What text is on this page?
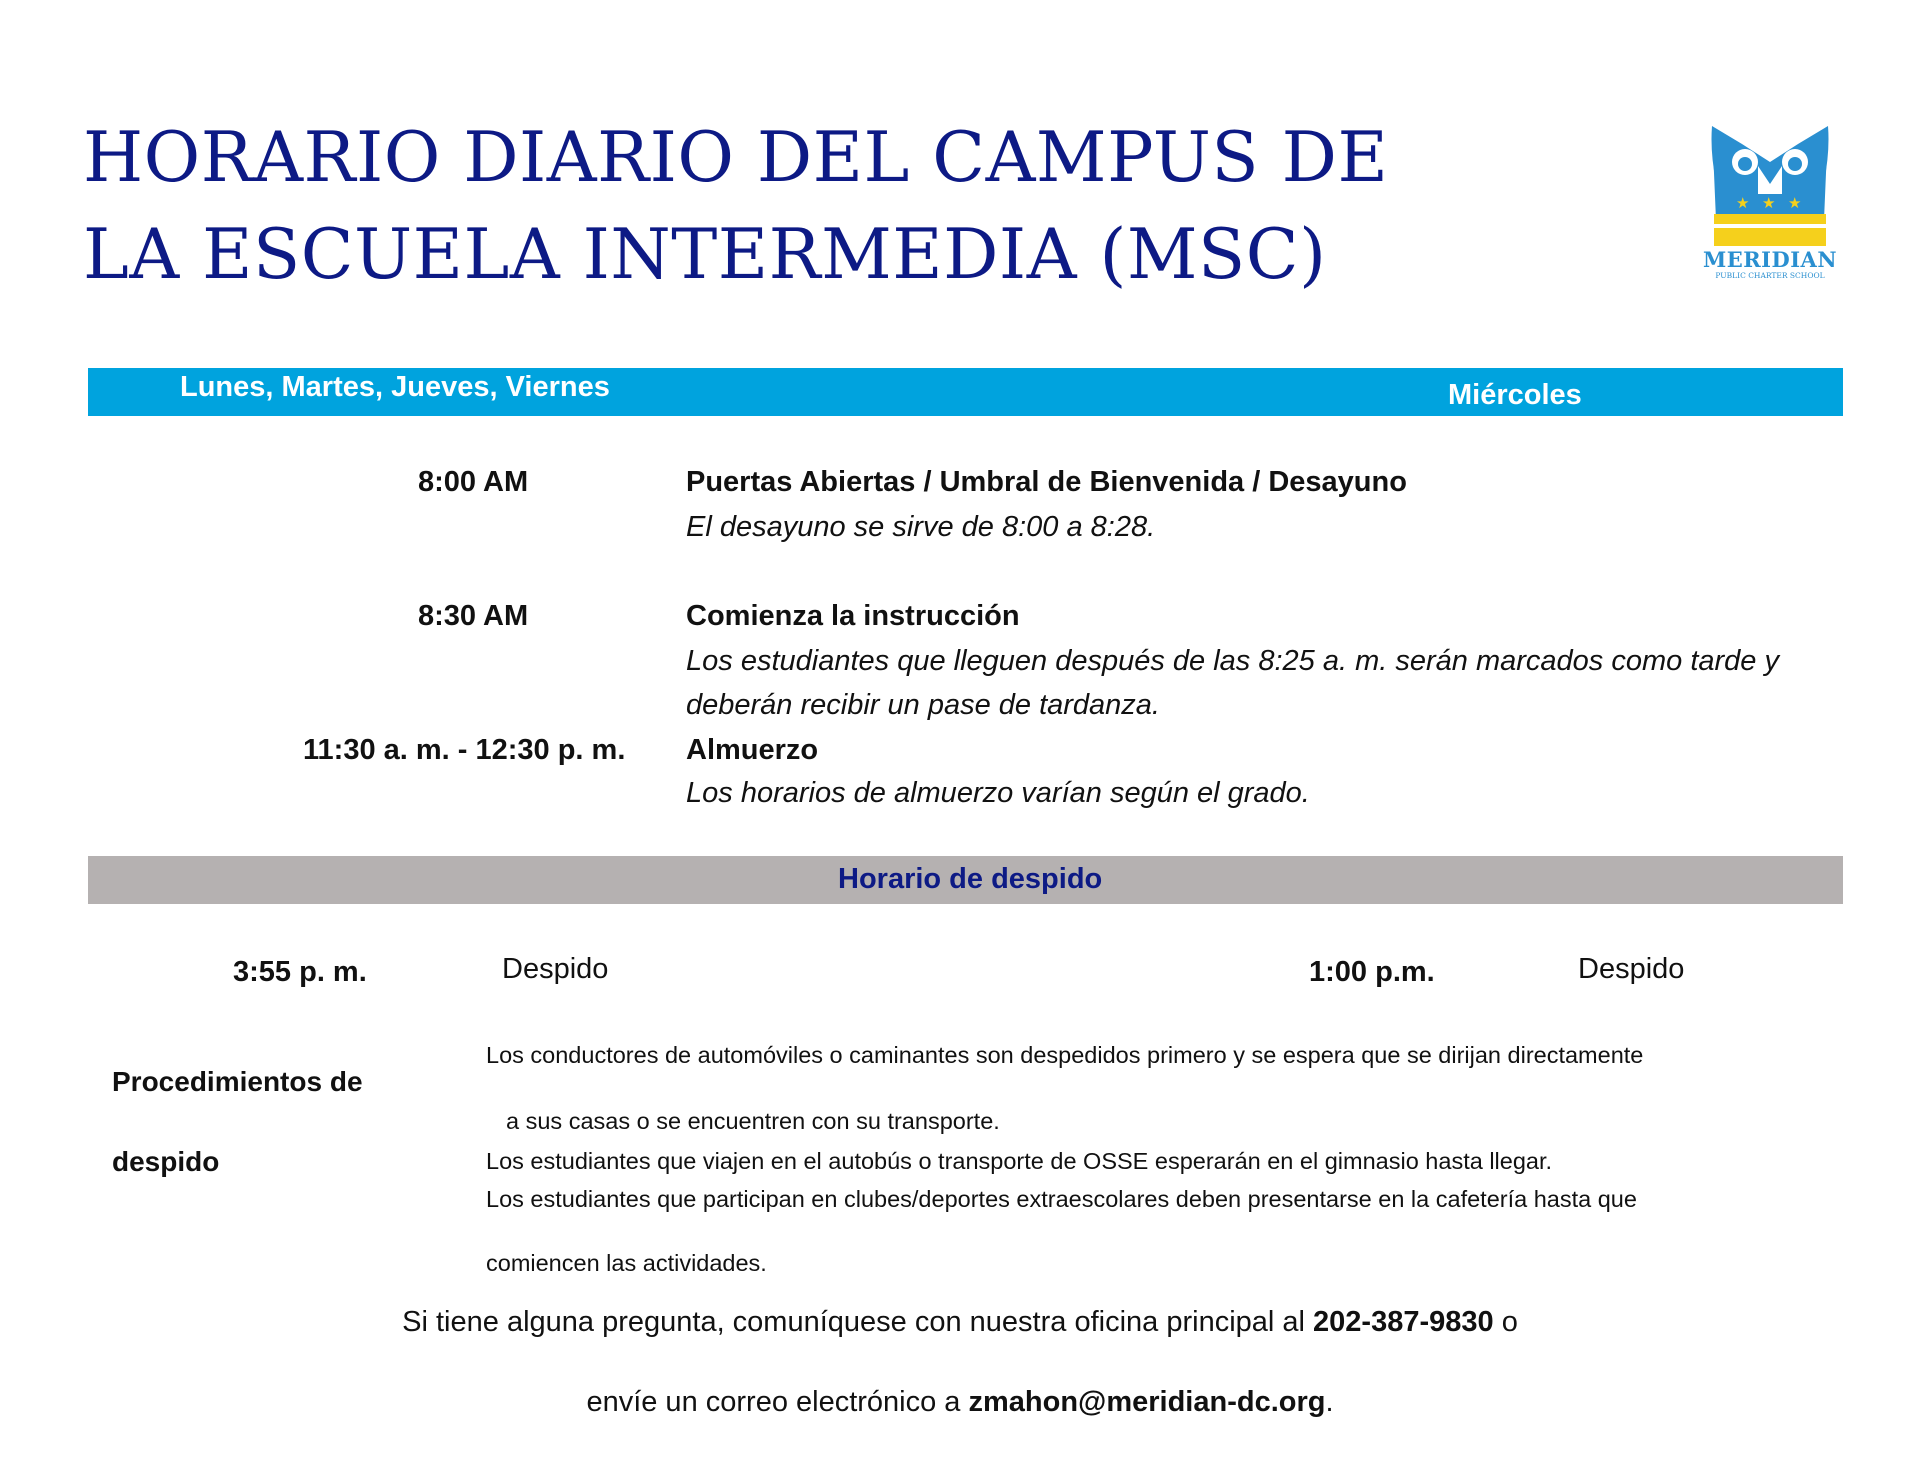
HORARIO DIARIO DEL CAMPUS DE
LA ESCUELA INTERMEDIA (MSC)
★ ★ ★
MERIDIAN
PUBLIC CHARTER SCHOOL
Lunes, Martes, Jueves, Viernes	Miércoles
8:00 AM	Puertas Abiertas / Umbral de Bienvenida / Desayuno
El desayuno se sirve de 8:00 a 8:28.
8:30 AM	Comienza la instrucción
Los estudiantes que lleguen después de las 8:25 a. m. serán marcados como tarde y deberán recibir un pase de tardanza.
11:30 a. m. - 12:30 p. m. Almuerzo
Los horarios de almuerzo varían según el grado.
Horario de despido
3:55 p. m.	Despido	1:00 p.m.	Despido
Procedimientos de despido
Los conductores de automóviles o caminantes son despedidos primero y se espera que se dirijan directamente
a sus casas o se encuentren con su transporte.
Los estudiantes que viajen en el autobús o transporte de OSSE esperarán en el gimnasio hasta llegar.
Los estudiantes que participan en clubes/deportes extraescolares deben presentarse en la cafetería hasta que
comiencen las actividades.
Si tiene alguna pregunta, comuníquese con nuestra oficina principal al 202-387-9830 o
envíe un correo electrónico a zmahon@meridian-dc.org.
